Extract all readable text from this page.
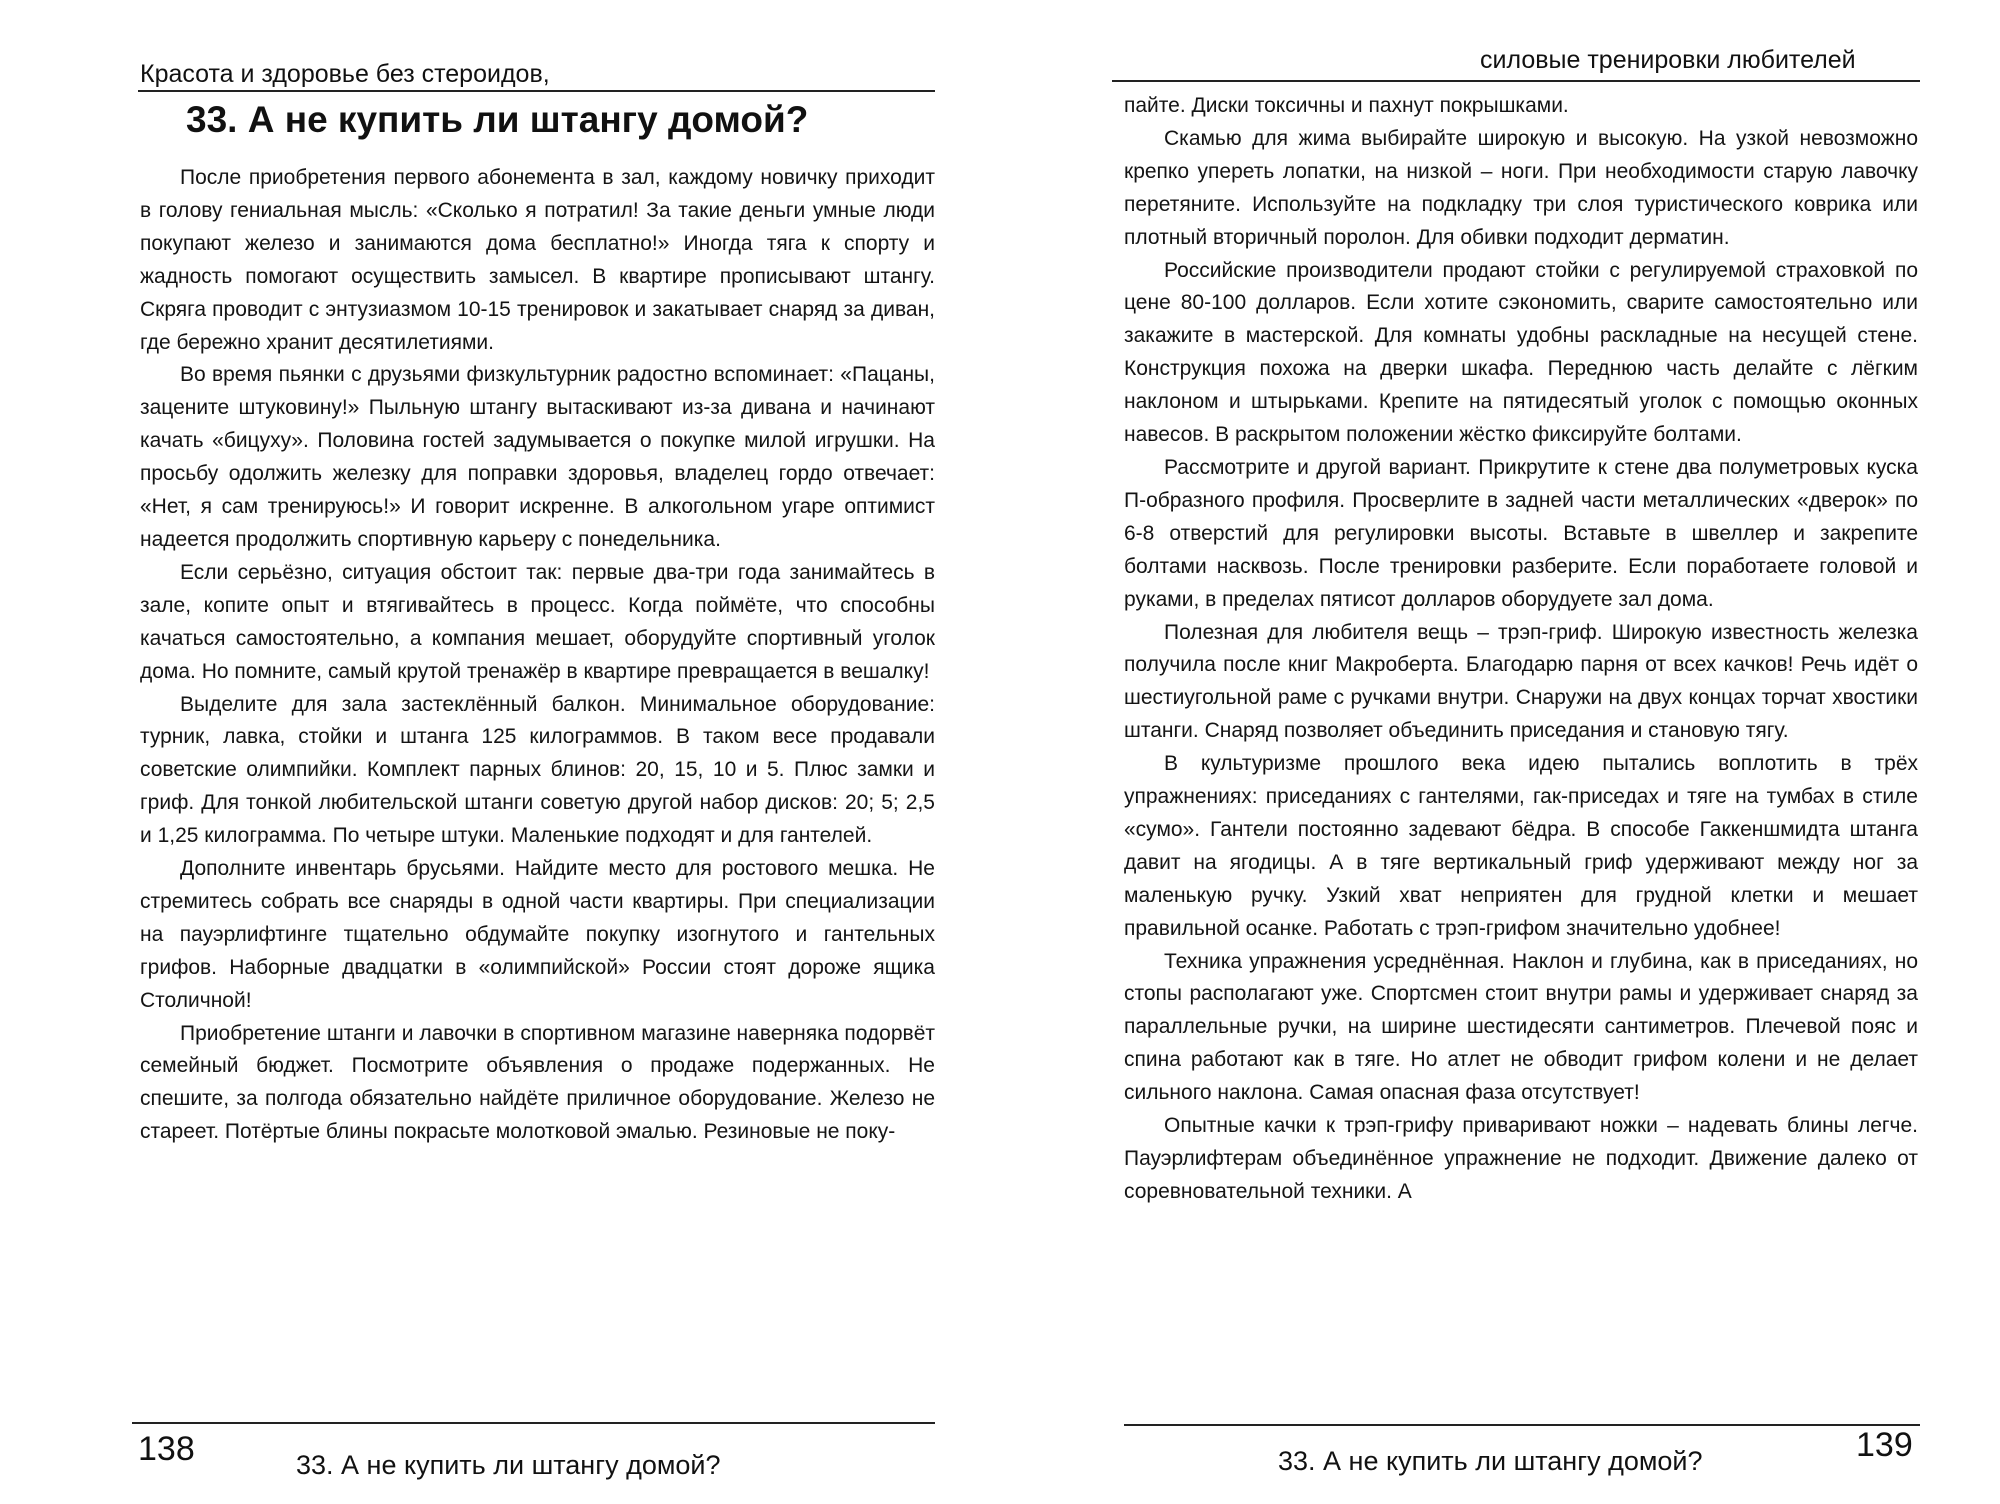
Красота и здоровье без стероидов,
33. А не купить ли штангу домой?

После приобретения первого абонемента в зал, каждому новичку приходит в голову гениальная мысль: «Сколько я потратил! За такие деньги умные люди покупают железо и занимаются дома бесплатно!» Иногда тяга к спорту и жадность помогают осуществить замысел. В квартире прописывают штангу. Скряга проводит с энтузиазмом 10-15 тренировок и закатывает снаряд за диван, где бережно хранит десятилетиями.

Во время пьянки с друзьями физкультурник радостно вспоминает: «Пацаны, зацените штуковину!» Пыльную штангу вытаскивают из-за дивана и начинают качать «бицуху». Половина гостей задумывается о покупке милой игрушки. На просьбу одолжить железку для поправки здоровья, владелец гордо отвечает: «Нет, я сам тренируюсь!» И говорит искренне. В алкогольном угаре оптимист надеется продолжить спортивную карьеру с понедельника.

Если серьёзно, ситуация обстоит так: первые два-три года занимайтесь в зале, копите опыт и втягивайтесь в процесс. Когда поймёте, что способны качаться самостоятельно, а компания мешает, оборудуйте спортивный уголок дома. Но помните, самый крутой тренажёр в квартире превращается в вешалку!

Выделите для зала застеклённый балкон. Минимальное оборудование: турник, лавка, стойки и штанга 125 килограммов. В таком весе продавали советские олимпийки. Комплект парных блинов: 20, 15, 10 и 5. Плюс замки и гриф. Для тонкой любительской штанги советую другой набор дисков: 20; 5; 2,5 и 1,25 килограмма. По четыре штуки. Маленькие подходят и для гантелей.

Дополните инвентарь брусьями. Найдите место для ростового мешка. Не стремитесь собрать все снаряды в одной части квартиры. При специализации на пауэрлифтинге тщательно обдумайте покупку изогнутого и гантельных грифов. Наборные двадцатки в «олимпийской» России стоят дороже ящика Столичной!

Приобретение штанги и лавочки в спортивном магазине наверняка подорвёт семейный бюджет. Посмотрите объявления о продаже подержанных. Не спешите, за полгода обязательно найдёте приличное оборудование. Железо не стареет. Потёртые блины покрасьте молотковой эмалью. Резиновые не поку-

138	33. А не купить ли штангу домой?
силовые тренировки любителей

пайте. Диски токсичны и пахнут покрышками.

Скамью для жима выбирайте широкую и высокую. На узкой невозможно крепко упереть лопатки, на низкой – ноги. При необходимости старую лавочку перетяните. Используйте на подкладку три слоя туристического коврика или плотный вторичный поролон. Для обивки подходит дерматин.

Российские производители продают стойки с регулируемой страховкой по цене 80-100 долларов. Если хотите сэкономить, сварите самостоятельно или закажите в мастерской. Для комнаты удобны раскладные на несущей стене. Конструкция похожа на дверки шкафа. Переднюю часть делайте с лёгким наклоном и штырьками. Крепите на пятидесятый уголок с помощью оконных навесов. В раскрытом положении жёстко фиксируйте болтами.

Рассмотрите и другой вариант. Прикрутите к стене два полуметровых куска П-образного профиля. Просверлите в задней части металлических «дверок» по 6-8 отверстий для регулировки высоты. Вставьте в швеллер и закрепите болтами насквозь. После тренировки разберите. Если поработаете головой и руками, в пределах пятисот долларов оборудуете зал дома.

Полезная для любителя вещь – трэп-гриф. Широкую известность железка получила после книг Макроберта. Благодарю парня от всех качков! Речь идёт о шестиугольной раме с ручками внутри. Снаружи на двух концах торчат хвостики штанги. Снаряд позволяет объединить приседания и становую тягу.

В культуризме прошлого века идею пытались воплотить в трёх упражнениях: приседаниях с гантелями, гак-приседах и тяге на тумбах в стиле «сумо». Гантели постоянно задевают бёдра. В способе Гаккеншмидта штанга давит на ягодицы. А в тяге вертикальный гриф удерживают между ног за маленькую ручку. Узкий хват неприятен для грудной клетки и мешает правильной осанке. Работать с трэп-грифом значительно удобнее!

Техника упражнения усреднённая. Наклон и глубина, как в приседаниях, но стопы располагают уже. Спортсмен стоит внутри рамы и удерживает снаряд за параллельные ручки, на ширине шестидесяти сантиметров. Плечевой пояс и спина работают как в тяге. Но атлет не обводит грифом колени и не делает сильного наклона. Самая опасная фаза отсутствует!

Опытные качки к трэп-грифу приваривают ножки – надевать блины легче. Пауэрлифтерам объединённое упражнение не подходит. Движение далеко от соревновательной техники. А

33. А не купить ли штангу домой?	139
